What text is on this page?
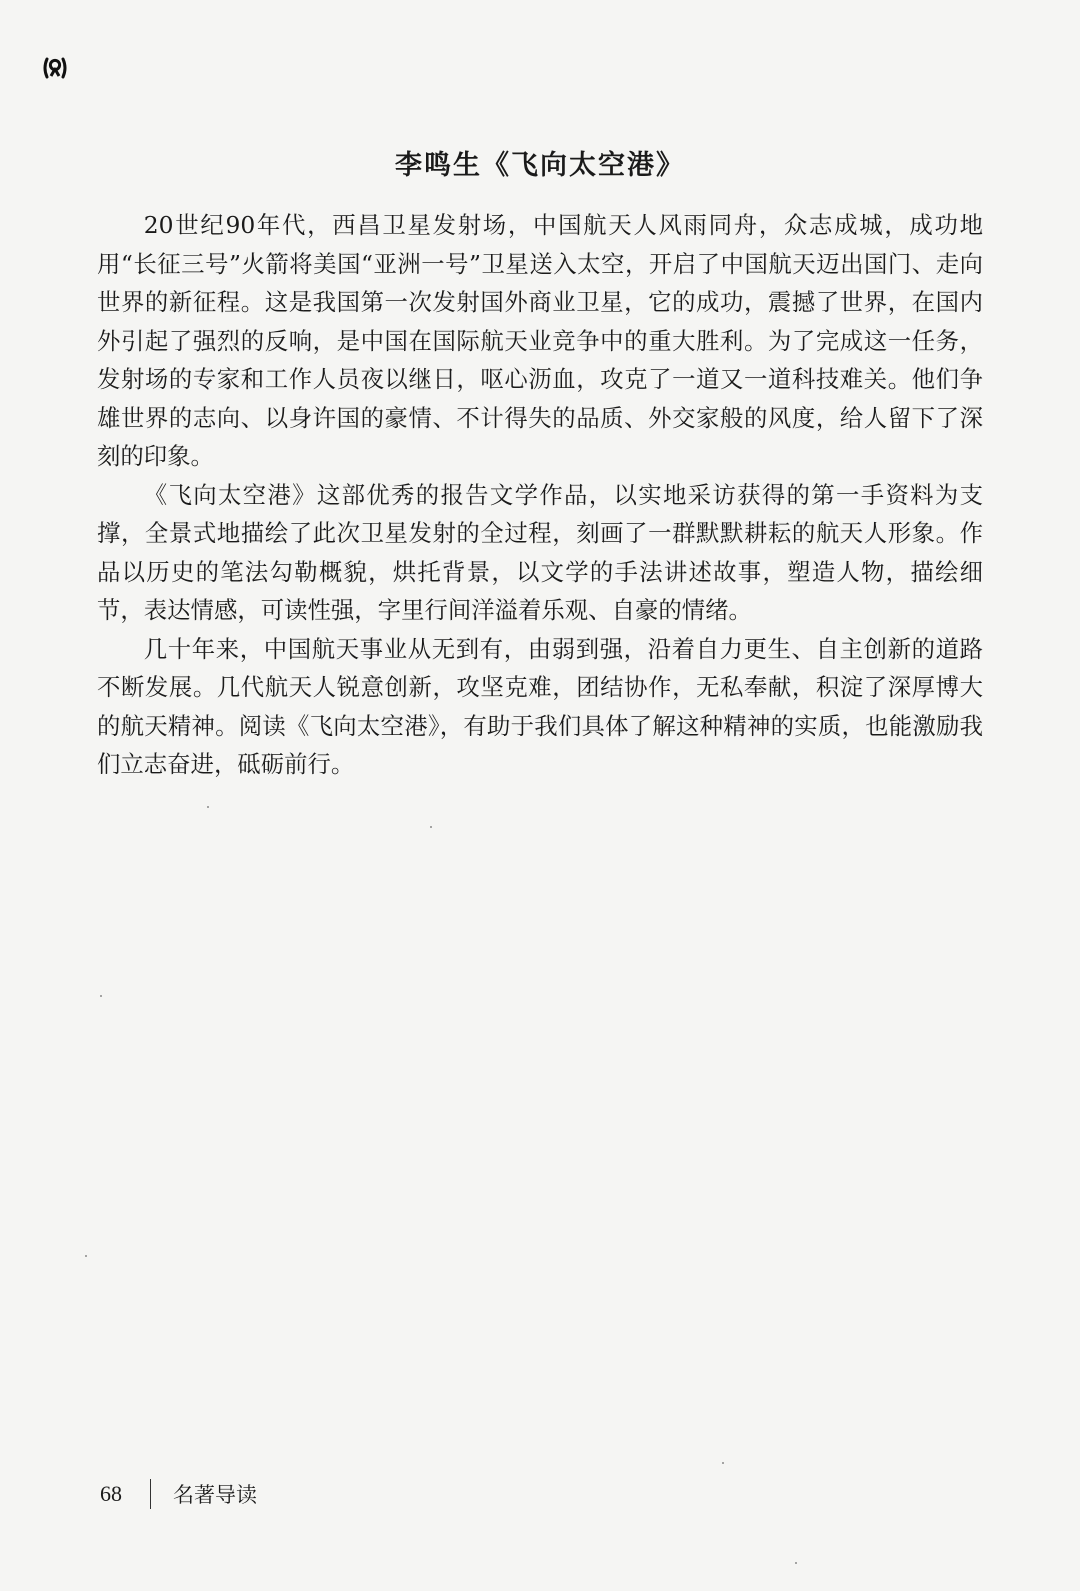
李鸣生《飞向太空港》

20世纪90年代，西昌卫星发射场，中国航天人风雨同舟，众志成城，成功地用“长征三号”火箭将美国“亚洲一号”卫星送入太空，开启了中国航天迈出国门、走向世界的新征程。这是我国第一次发射国外商业卫星，它的成功，震撼了世界，在国内外引起了强烈的反响，是中国在国际航天业竞争中的重大胜利。为了完成这一任务，发射场的专家和工作人员夜以继日，呕心沥血，攻克了一道又一道科技难关。他们争雄世界的志向、以身许国的豪情、不计得失的品质、外交家般的风度，给人留下了深刻的印象。

《飞向太空港》这部优秀的报告文学作品，以实地采访获得的第一手资料为支撑，全景式地描绘了此次卫星发射的全过程，刻画了一群默默耕耘的航天人形象。作品以历史的笔法勾勒概貌，烘托背景，以文学的手法讲述故事，塑造人物，描绘细节，表达情感，可读性强，字里行间洋溢着乐观、自豪的情绪。

几十年来，中国航天事业从无到有，由弱到强，沿着自力更生、自主创新的道路不断发展。几代航天人锐意创新，攻坚克难，团结协作，无私奉献，积淀了深厚博大的航天精神。阅读《飞向太空港》，有助于我们具体了解这种精神的实质，也能激励我们立志奋进，砥砺前行。

68 名著导读
